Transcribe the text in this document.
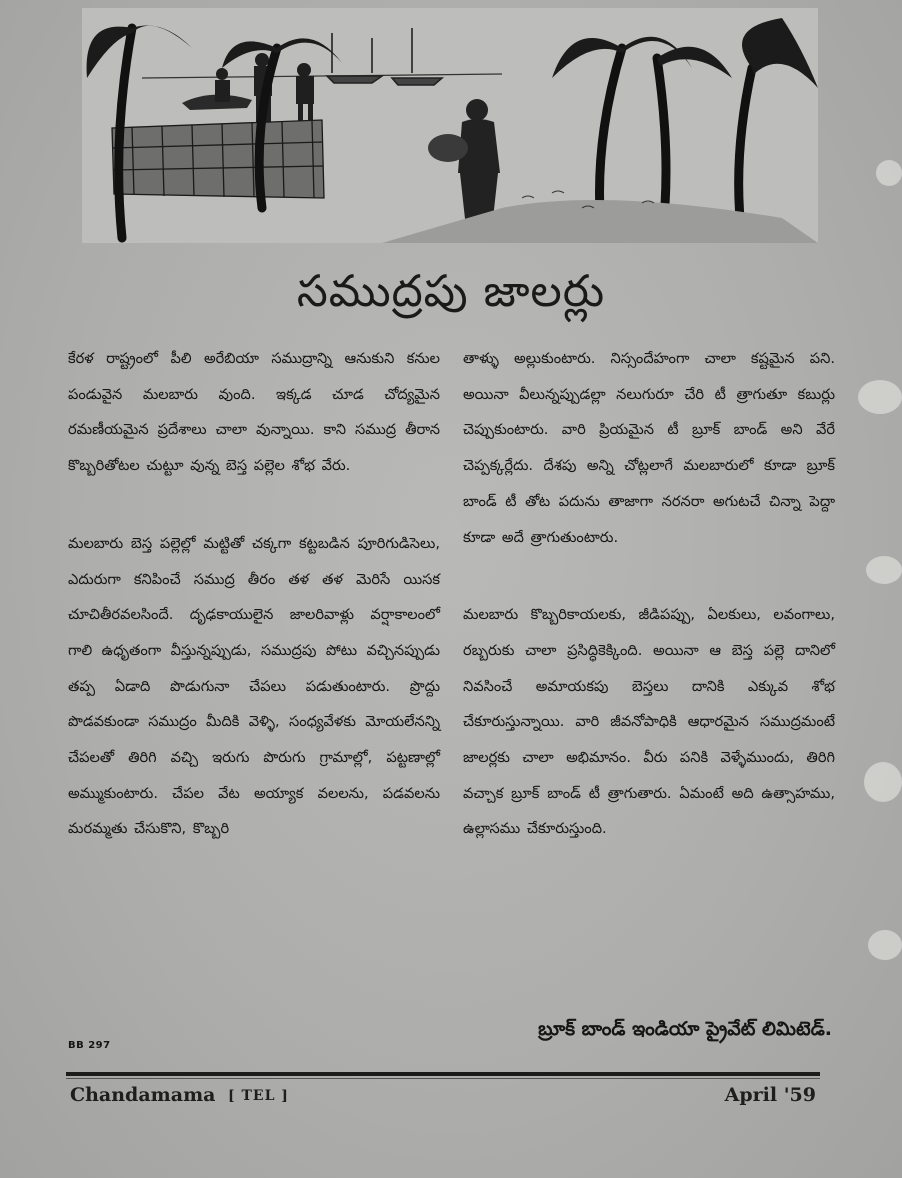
సముద్రపు జాలర్లు

కేరళ రాష్ట్రంలో పీలి అరేబియా సముద్రాన్ని ఆనుకుని కనుల పండువైన మలబారు వుంది. ఇక్కడ చూడ చోద్యమైన రమణీయమైన ప్రదేశాలు చాలా వున్నాయి. కాని సముద్ర తీరాన కొబ్బరితోటల చుట్టూ వున్న బెస్త పల్లెల శోభ వేరు.

మలబారు బెస్త పల్లెల్లో మట్టితో చక్కగా కట్టబడిన పూరిగుడిసెలు, ఎదురుగా కనిపించే సముద్ర తీరం తళ తళ మెరిసే యిసక చూచితీరవలసిందే. దృఢకాయులైన జాలరివాళ్లు వర్షాకాలంలో గాలి ఉధృతంగా వీస్తున్నప్పుడు, సముద్రపు పోటు వచ్చినప్పుడు తప్ప ఏడాది పొడుగునా చేపలు పడుతుంటారు. ప్రొద్దు పొడవకుండా సముద్రం మీదికి వెళ్ళి, సంధ్యవేళకు మోయలేనన్ని చేపలతో తిరిగి వచ్చి ఇరుగు పొరుగు గ్రామాల్లో, పట్టణాల్లో అమ్ముకుంటారు. చేపల వేట అయ్యాక వలలను, పడవలను మరమ్మతు చేసుకొని, కొబ్బరి

తాళ్ళు అల్లుకుంటారు. నిస్సందేహంగా చాలా కష్టమైన పని. అయినా వీలున్నప్పుడల్లా నలుగురూ చేరి టీ త్రాగుతూ కబుర్లు చెప్పుకుంటారు. వారి ప్రియమైన టీ బ్రూక్ బాండ్ అని వేరే చెప్పక్కర్లేదు. దేశపు అన్ని చోట్లలాగే మలబారులో కూడా బ్రూక్ బాండ్ టీ తోట పదును తాజాగా నరనరా అగుటచే చిన్నా పెద్దా కూడా అదే త్రాగుతుంటారు.

మలబారు కొబ్బరికాయలకు, జీడిపప్పు, ఏలకులు, లవంగాలు, రబ్బరుకు చాలా ప్రసిద్ధికెక్కింది. అయినా ఆ బెస్త పల్లె దానిలో నివసించే అమాయకపు బెస్తలు దానికి ఎక్కువ శోభ చేకూరుస్తున్నాయి. వారి జీవనోపాధికి ఆధారమైన సముద్రమంటే జాలర్లకు చాలా అభిమానం. వీరు పనికి వెళ్ళేముందు, తిరిగి వచ్చాక బ్రూక్ బాండ్ టీ త్రాగుతారు. ఏమంటే అది ఉత్సాహము, ఉల్లాసము చేకూరుస్తుంది.

బ్రూక్ బాండ్ ఇండియా ప్రైవేట్ లిమిటెడ్.
BB 297
Chandamama [ TEL ]	April '59
